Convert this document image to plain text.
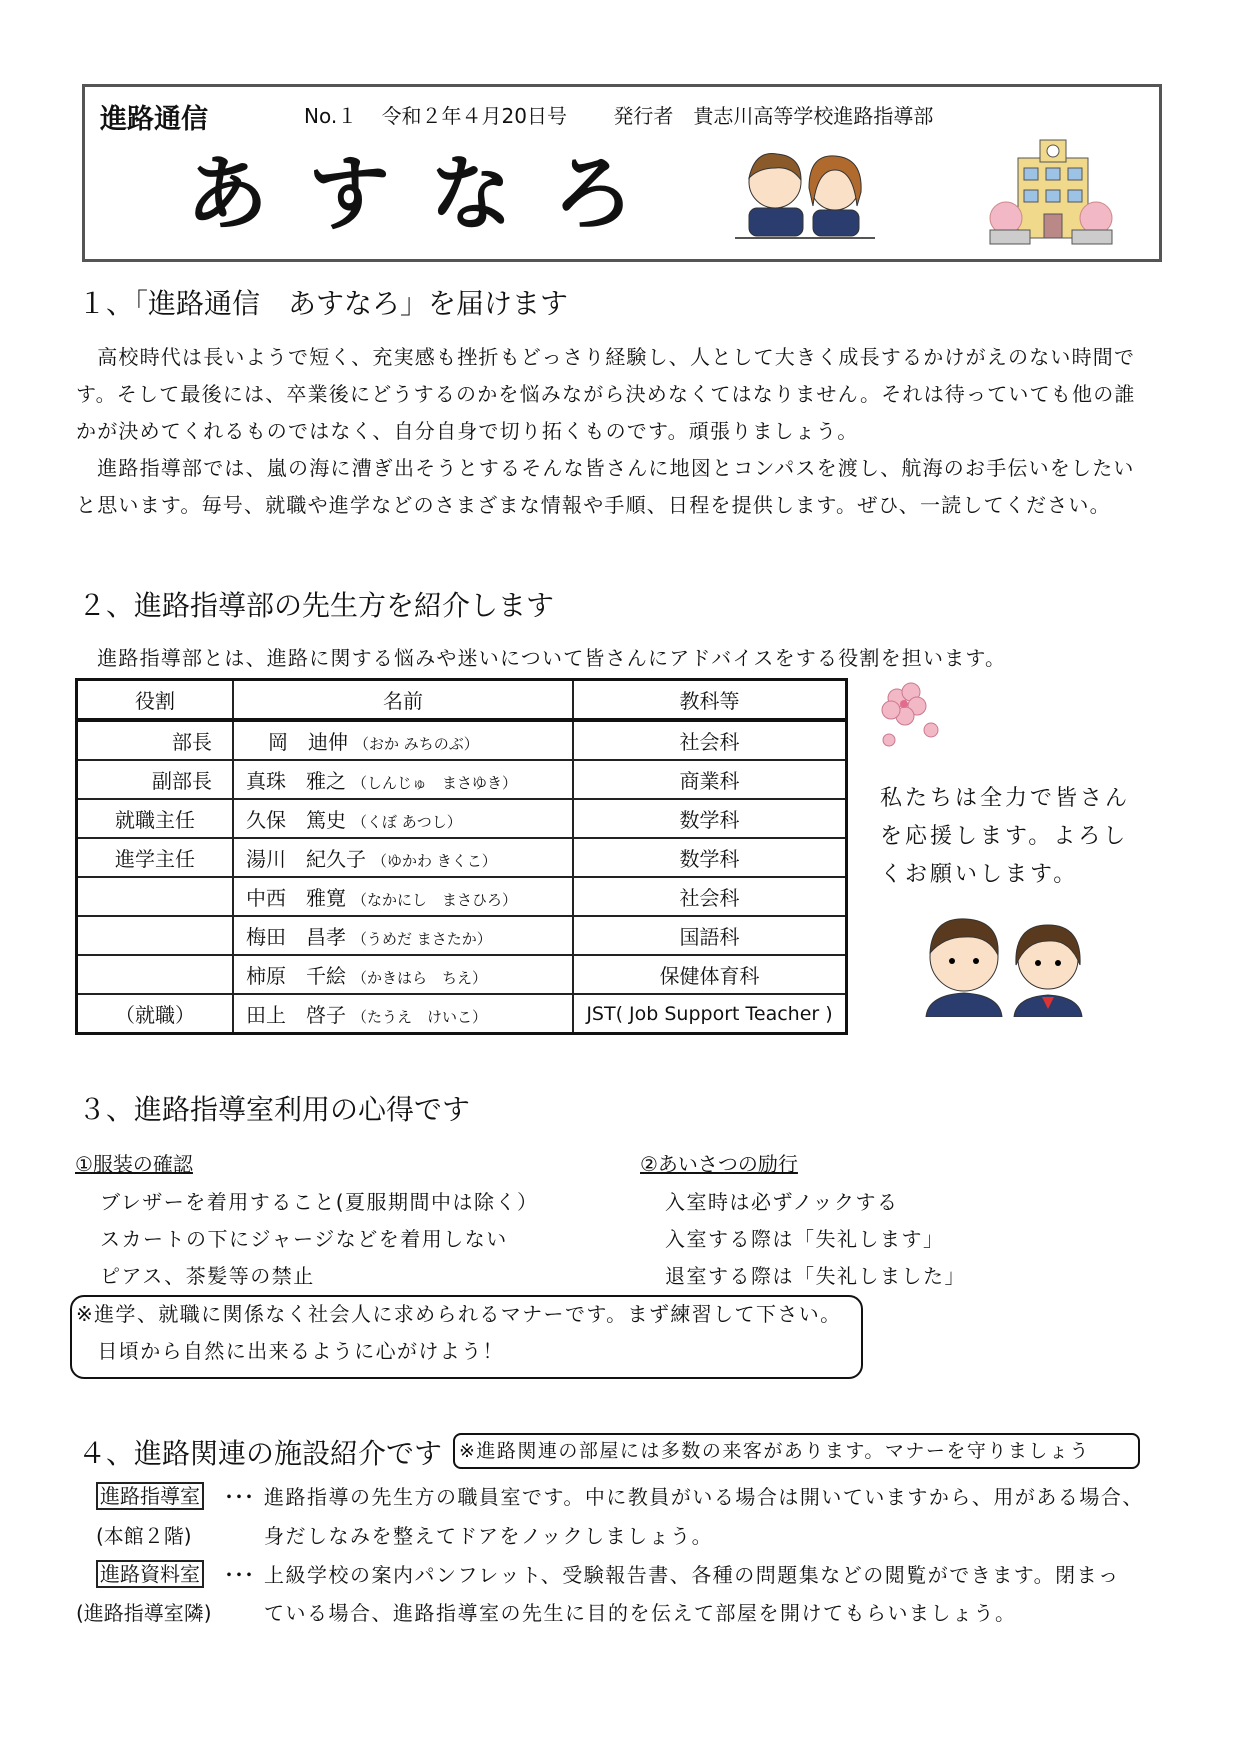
進路通信	No.１ 令和２年４月20日号 発行者　貴志川高等学校進路指導部
あすなろ
１、「進路通信　あすなろ」を届けます

　高校時代は長いようで短く、充実感も挫折もどっさり経験し、人として大きく成長するかけがえのない時間で

す。そして最後には、卒業後にどうするのかを悩みながら決めなくてはなりません。それは待っていても他の誰

かが決めてくれるものではなく、自分自身で切り拓くものです。頑張りましょう。

　進路指導部では、嵐の海に漕ぎ出そうとするそんな皆さんに地図とコンパスを渡し、航海のお手伝いをしたい

と思います。毎号、就職や進学などのさまざまな情報や手順、日程を提供します。ぜひ、一読してください。

２、進路指導部の先生方を紹介します

　進路指導部とは、進路に関する悩みや迷いについて皆さんにアドバイスをする役割を担います。

役割	名前	教科等
部長	岡　迪伸 （おか みちのぶ）	社会科
副部長	真珠　雅之 （しんじゅ　まさゆき）	商業科
就職主任	久保　篤史 （くぼ あつし）	数学科
進学主任	湯川　紀久子 （ゆかわ きくこ）	数学科
	中西　雅寛 （なかにし　まさひろ）	社会科
	梅田　昌孝 （うめだ まさたか）	国語科
	柿原　千絵 （かきはら　ちえ）	保健体育科
（就職）	田上　啓子 （たうえ　けいこ）	JST( Job Support Teacher )
私たちは全力で皆さん
を応援します。よろし
くお願いします。
３、進路指導室利用の心得です
①服装の確認
ブレザーを着用すること(夏服期間中は除く）
スカートの下にジャージなどを着用しない
ピアス、茶髪等の禁止
②あいさつの励行
入室時は必ずノックする
入室する際は「失礼します」
退室する際は「失礼しました」
※進学、就職に関係なく社会人に求められるマナーです。まず練習して下さい。
　日頃から自然に出来るように心がけよう！
４、進路関連の施設紹介です ※進路関連の部屋には多数の来客があります。マナーを守りましょう
進路指導室 ･･･
(本館２階)
進路指導の先生方の職員室です。中に教員がいる場合は開いていますから、用がある場合、
身だしなみを整えてドアをノックしましょう。
進路資料室 ･･･
(進路指導室隣)
上級学校の案内パンフレット、受験報告書、各種の問題集などの閲覧ができます。閉まっ
ている場合、進路指導室の先生に目的を伝えて部屋を開けてもらいましょう。
